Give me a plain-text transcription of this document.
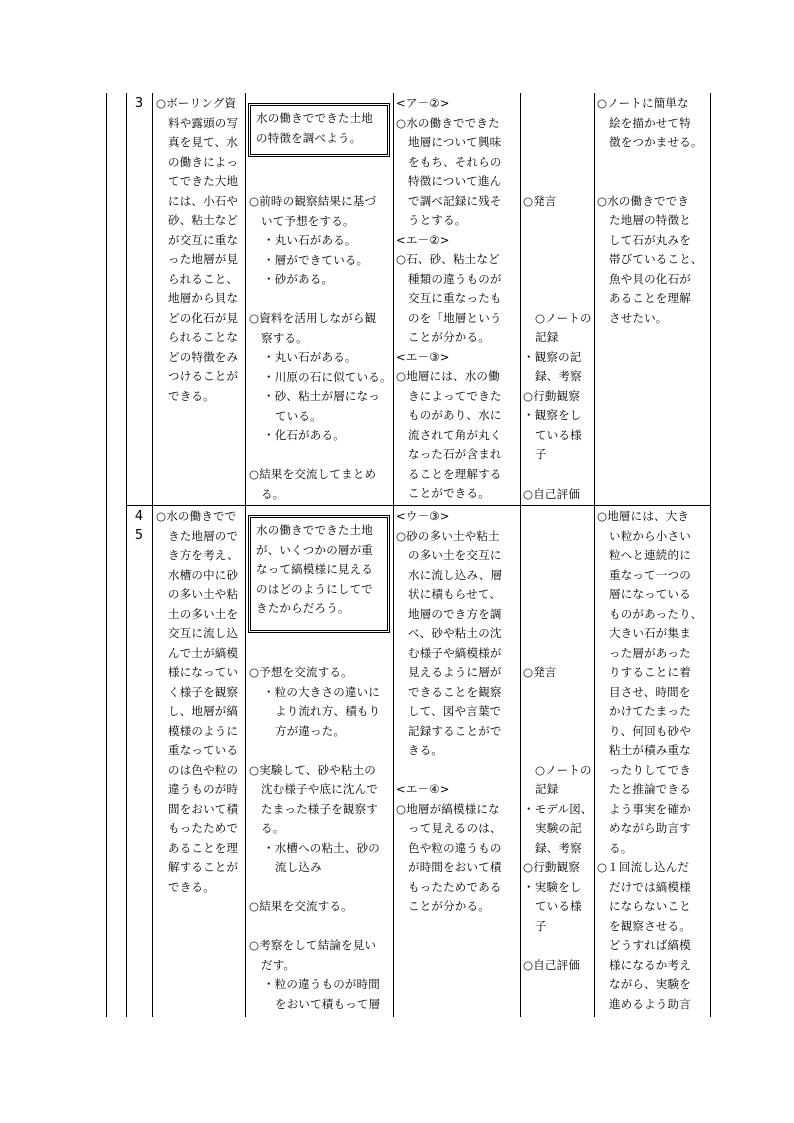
3	○ボーリング資
料や露頭の写
真を見て、水
の働きによっ
てできた大地
には、小石や
砂、粘土など
が交互に重な
った地層が見
られること、
地層から貝な
どの化石が見
られることな
どの特徴をみ
つけることが
できる。
水の働きでできた土地
の特徴を調べよう。
○前時の観察結果に基づ
いて予想をする。
・丸い石がある。
・層ができている。
・砂がある。
○資料を活用しながら観
察する。
・丸い石がある。
・川原の石に似ている。
・砂、粘土が層になっ
ている。
・化石がある。
○結果を交流してまとめ
る。
<ア－②>
○水の働きでできた
地層について興味
をもち、それらの
特徴について進ん
で調べ記録に残そ
うとする。
<エ－②>
○石、砂、粘土など
種類の違うものが
交互に重なったも
のを「地層という
ことが分かる。
<エ－③>
○地層には、水の働
きによってできた
ものがあり、水に
流されて角が丸く
なった石が含まれ
ることを理解する
ことができる。
○発言
○ノートの
記録
・観察の記
録、考察
○行動観察
・観察をし
ている様
子
○自己評価
○ノートに簡単な
絵を描かせて特
徴をつかませる。
○水の働きででき
た地層の特徴と
して石が丸みを
帯びていること、
魚や貝の化石が
あることを理解
させたい。
4
5
○水の働きでで
きた地層ので
き方を考え、
水槽の中に砂
の多い土や粘
土の多い土を
交互に流し込
んで土が縞模
様になってい
く様子を観察
し、地層が縞
模様のように
重なっている
のは色や粒の
違うものが時
間をおいて積
もったためで
あることを理
解することが
できる。
水の働きでできた土地
が、いくつかの層が重
なって縞模様に見える
のはどのようにしてで
きたからだろう。
○予想を交流する。
・粒の大きさの違いに
より流れ方、積もり
方が違った。
○実験して、砂や粘土の
沈む様子や底に沈んで
たまった様子を観察す
る。
・水槽への粘土、砂の
流し込み
○結果を交流する。
○考察をして結論を見い
だす。
・粒の違うものが時間
をおいて積もって層
<ウ－③>
○砂の多い土や粘土
の多い土を交互に
水に流し込み、層
状に積もらせて、
地層のでき方を調
べ、砂や粘土の沈
む様子や縞模様が
見えるように層が
できることを観察
して、図や言葉で
記録することがで
きる。
<エ－④>
○地層が縞模様にな
って見えるのは、
色や粒の違うもの
が時間をおいて積
もったためである
ことが分かる。
○発言
○ノートの
記録
・モデル図、
実験の記
録、考察
○行動観察
・実験をし
ている様
子
○自己評価
○地層には、大き
い粒から小さい
粒へと連続的に
重なって一つの
層になっている
ものがあったり、
大きい石が集ま
った層があった
りすることに着
目させ、時間を
かけてたまった
り、何回も砂や
粘土が積み重な
ったりしてでき
たと推論できる
よう事実を確か
めながら助言す
る。
○１回流し込んだ
だけでは縞模様
にならないこと
を観察させる。
どうすれば縞模
様になるか考え
ながら、実験を
進めるよう助言
